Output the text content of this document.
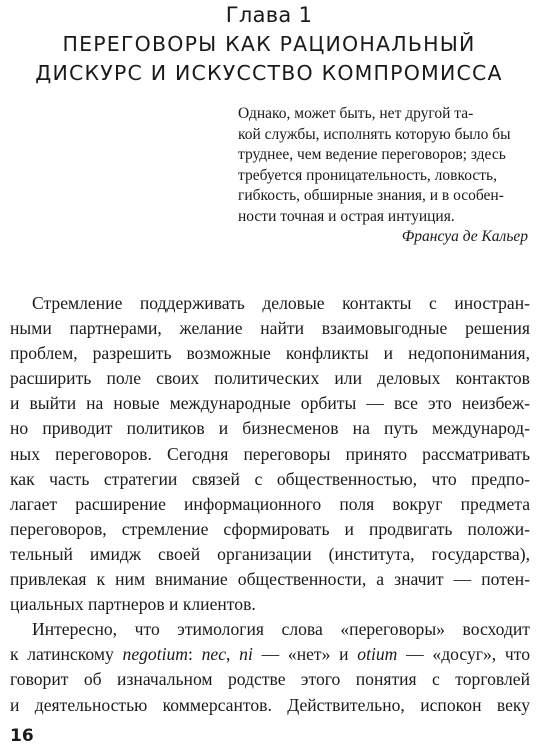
Глава 1
ПЕРЕГОВОРЫ КАК РАЦИОНАЛЬНЫЙ
ДИСКУРС И ИСКУССТВО КОМПРОМИССА
Однако, может быть, нет другой та-
кой службы, исполнять которую было бы
труднее, чем ведение переговоров; здесь
требуется проницательность, ловкость,
гибкость, обширные знания, и в особен-
ности точная и острая интуиция.
Франсуа де Кальер
Стремление поддерживать деловые контакты с иностран-
ными партнерами, желание найти взаимовыгодные решения
проблем, разрешить возможные конфликты и недопонимания,
расширить поле своих политических или деловых контактов
и выйти на новые международные орбиты — все это неизбеж-
но приводит политиков и бизнесменов на путь международ-
ных переговоров. Сегодня переговоры принято рассматривать
как часть стратегии связей с общественностью, что предпо-
лагает расширение информационного поля вокруг предмета
переговоров, стремление сформировать и продвигать положи-
тельный имидж своей организации (института, государства),
привлекая к ним внимание общественности, а значит — потен-
циальных партнеров и клиентов.
Интересно, что этимология слова «переговоры» восходит
к латинскому negotium: nec, ni — «нет» и otium — «досуг», что
говорит об изначальном родстве этого понятия с торговлей
и деятельностью коммерсантов. Действительно, испокон веку
16
